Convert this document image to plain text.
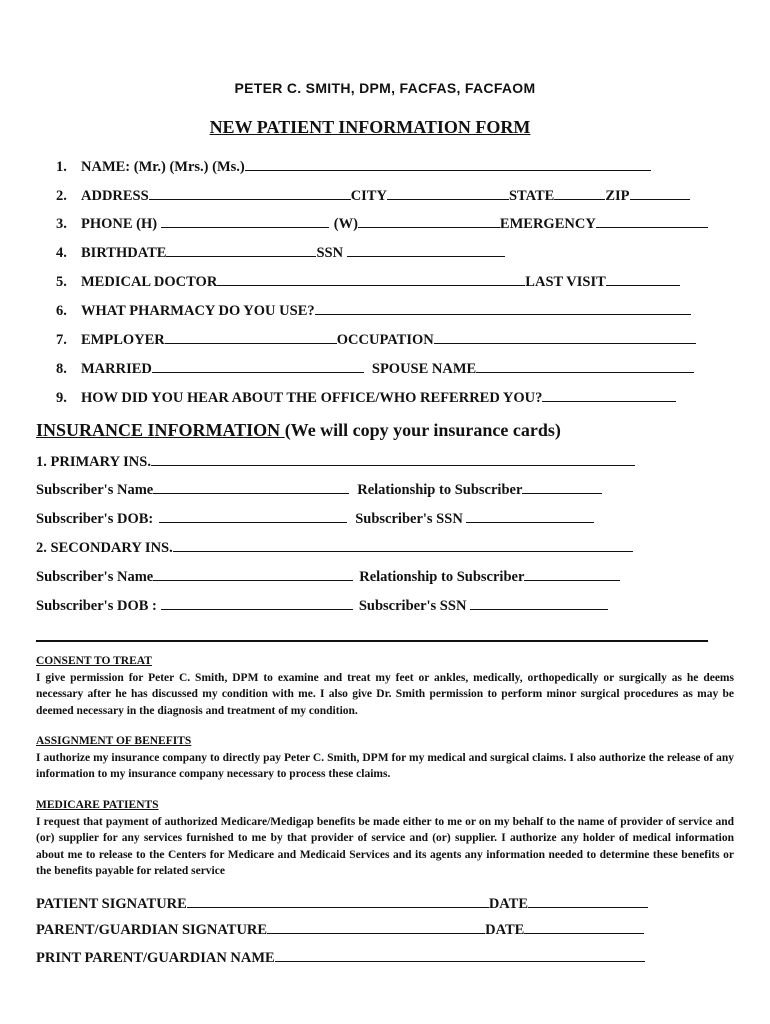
PETER C. SMITH, DPM, FACFAS, FACFAOM
NEW PATIENT INFORMATION FORM
1. NAME: (Mr.) (Mrs.) (Ms.)
2. ADDRESS	CITY	STATE	ZIP
3. PHONE (H)	(W)	EMERGENCY
4. BIRTHDATE	SSN
5. MEDICAL DOCTOR	LAST VISIT
6. WHAT PHARMACY DO YOU USE?
7. EMPLOYER	OCCUPATION
8. MARRIED	SPOUSE NAME
9. HOW DID YOU HEAR ABOUT THE OFFICE/WHO REFERRED YOU?
INSURANCE INFORMATION (We will copy your insurance cards)
1. PRIMARY INS.
Subscriber's Name	Relationship to Subscriber
Subscriber's DOB:	Subscriber's SSN
2. SECONDARY INS.
Subscriber's Name	Relationship to Subscriber
Subscriber's DOB :	Subscriber's SSN
CONSENT TO TREAT
I give permission for Peter C. Smith, DPM to examine and treat my feet or ankles, medically, orthopedically or surgically as he deems necessary after he has discussed my condition with me. I also give Dr. Smith permission to perform minor surgical procedures as may be deemed necessary in the diagnosis and treatment of my condition.
ASSIGNMENT OF BENEFITS
I authorize my insurance company to directly pay Peter C. Smith, DPM for my medical and surgical claims. I also authorize the release of any information to my insurance company necessary to process these claims.
MEDICARE PATIENTS
I request that payment of authorized Medicare/Medigap benefits be made either to me or on my behalf to the name of provider of service and (or) supplier for any services furnished to me by that provider of service and (or) supplier. I authorize any holder of medical information about me to release to the Centers for Medicare and Medicaid Services and its agents any information needed to determine these benefits or the benefits payable for related service
PATIENT SIGNATURE	DATE
PARENT/GUARDIAN SIGNATURE	DATE
PRINT PARENT/GUARDIAN NAME
